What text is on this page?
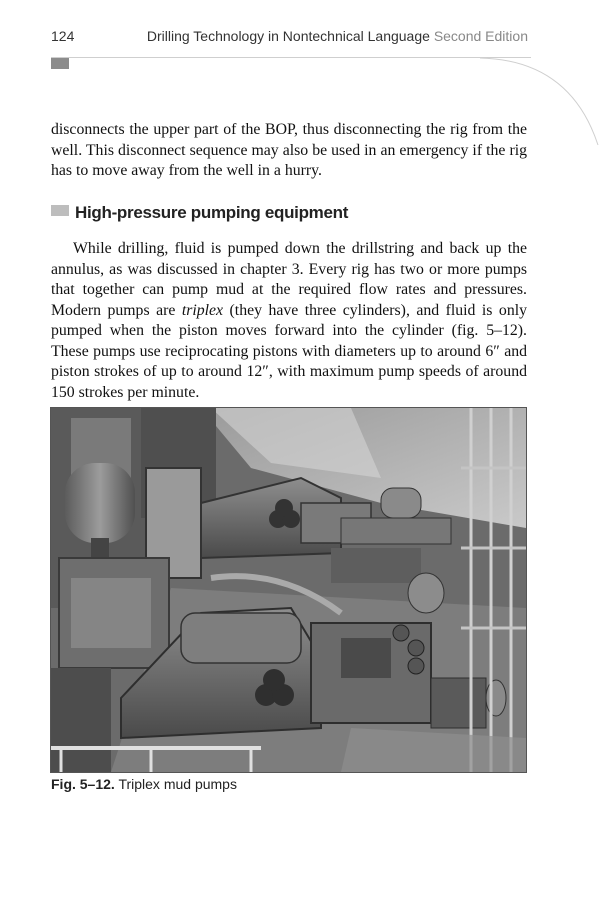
124	Drilling Technology in Nontechnical Language Second Edition

disconnects the upper part of the BOP, thus disconnecting the rig from the well. This disconnect sequence may also be used in an emergency if the rig has to move away from the well in a hurry.

High-pressure pumping equipment

While drilling, fluid is pumped down the drillstring and back up the annulus, as was discussed in chapter 3. Every rig has two or more pumps that together can pump mud at the required flow rates and pressures. Modern pumps are triplex (they have three cylinders), and fluid is only pumped when the piston moves forward into the cylinder (fig. 5–12). These pumps use reciprocating pistons with diameters up to around 6″ and piston strokes of up to around 12″, with maximum pump speeds of around 150 strokes per minute.

Fig. 5–12. Triplex mud pumps
